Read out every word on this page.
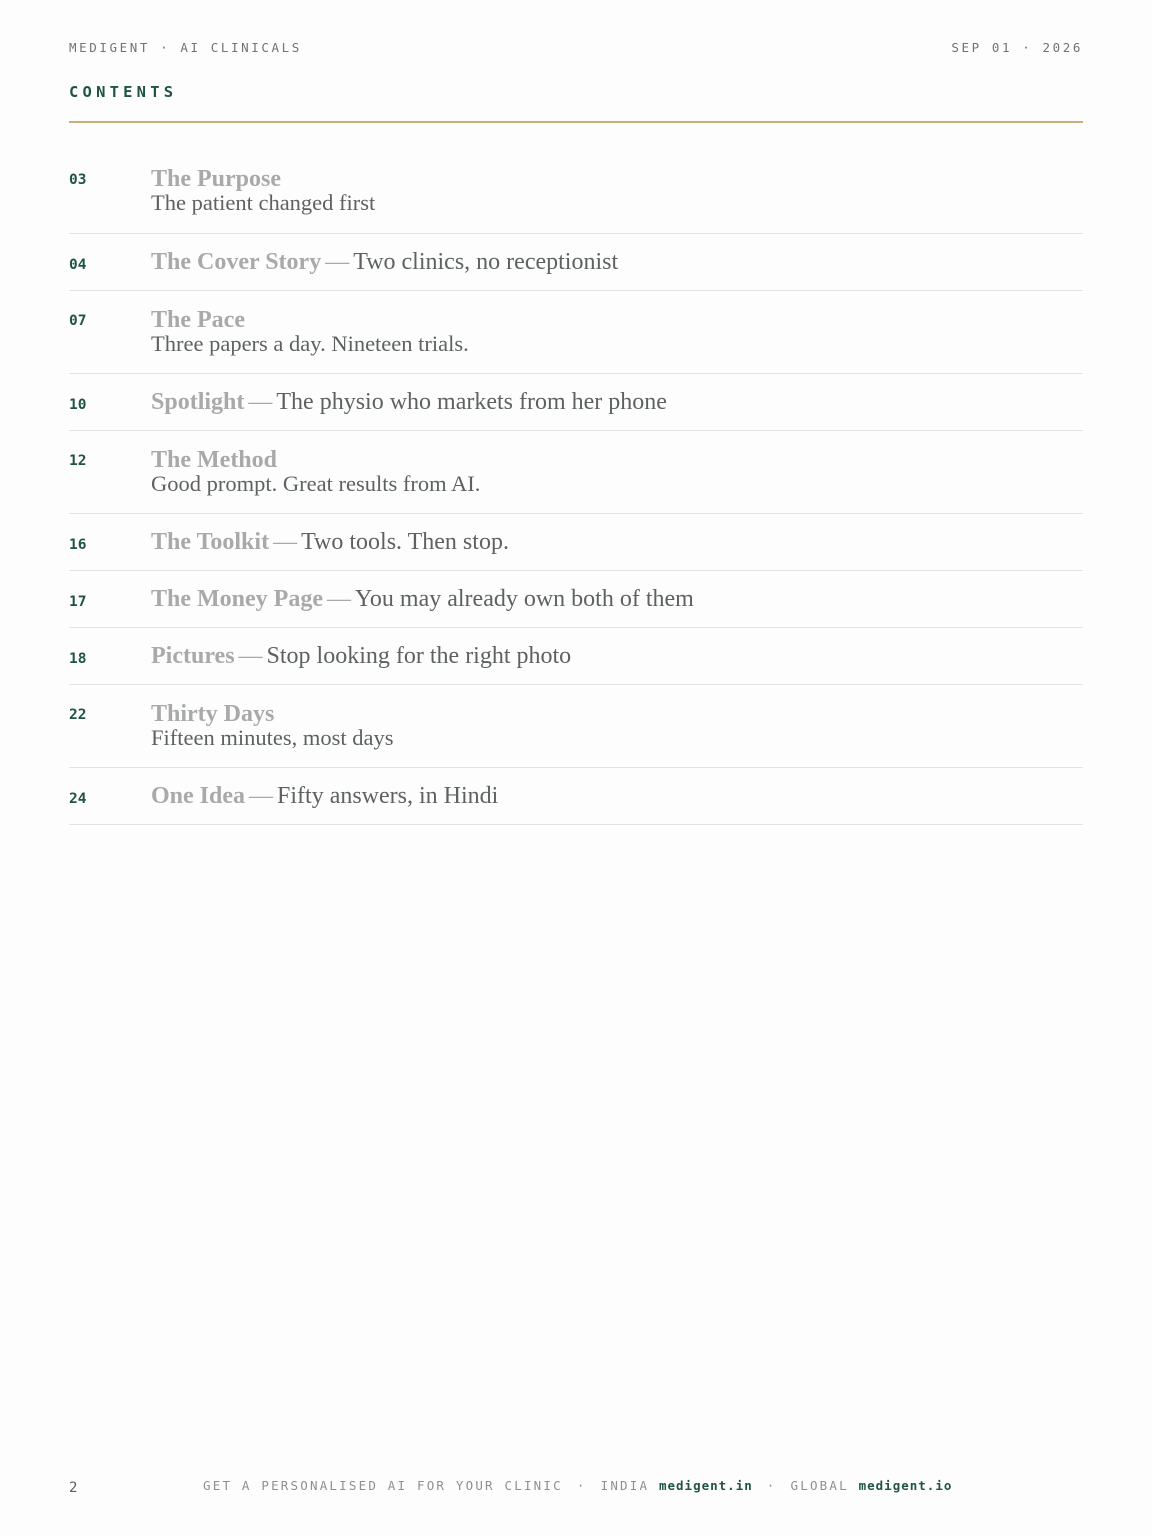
MEDIGENT · AI CLINICALS	SEP 01 · 2026
CONTENTS
03	The Purpose
The patient changed first
04	The Cover Story — Two clinics, no receptionist
07	The Pace
Three papers a day. Nineteen trials.
10	Spotlight — The physio who markets from her phone
12	The Method
Good prompt. Great results from AI.
16	The Toolkit — Two tools. Then stop.
17	The Money Page — You may already own both of them
18	Pictures — Stop looking for the right photo
22	Thirty Days
Fifteen minutes, most days
24	One Idea — Fifty answers, in Hindi
2	GET A PERSONALISED AI FOR YOUR CLINIC · INDIA medigent.in · GLOBAL medigent.io
